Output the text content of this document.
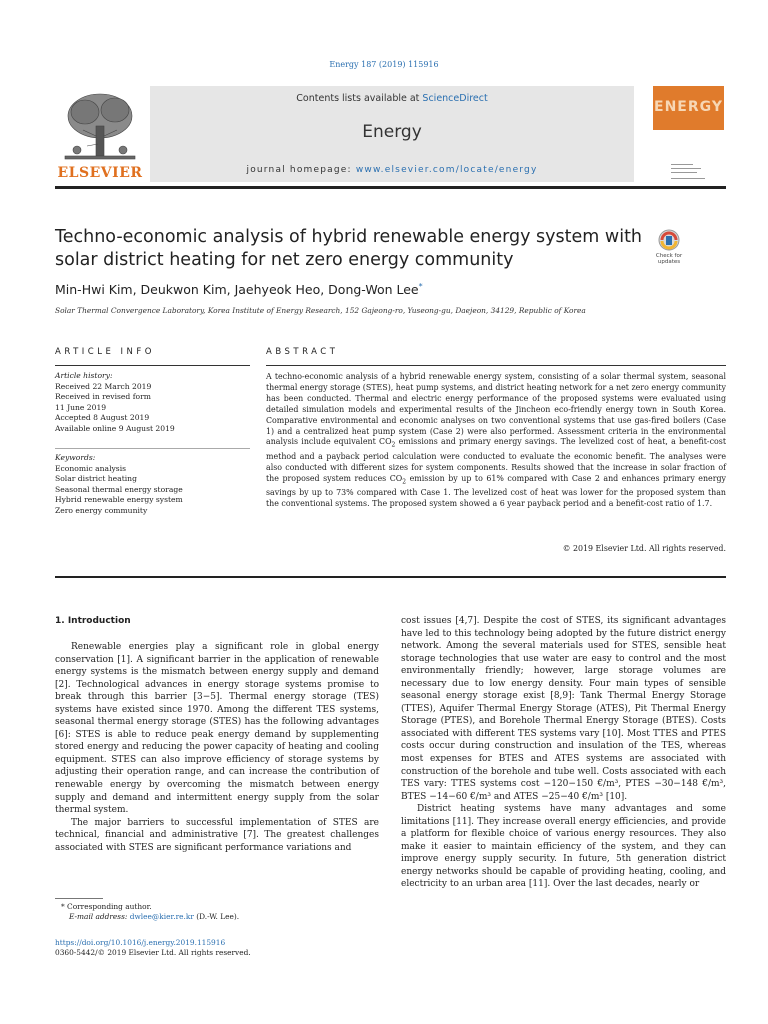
Energy 187 (2019) 115916
ELSEVIER
Contents lists available at ScienceDirect
Energy
journal homepage: www.elsevier.com/locate/energy
ENERGY
Techno-economic analysis of hybrid renewable energy system with solar district heating for net zero energy community	Check for updates
Min-Hwi Kim, Deukwon Kim, Jaehyeok Heo, Dong-Won Lee*
Solar Thermal Convergence Laboratory, Korea Institute of Energy Research, 152 Gajeong-ro, Yuseong-gu, Daejeon, 34129, Republic of Korea
ARTICLE INFO	ABSTRACT
Article history:
Received 22 March 2019
Received in revised form
11 June 2019
Accepted 8 August 2019
Available online 9 August 2019
Keywords:
Economic analysis
Solar district heating
Seasonal thermal energy storage
Hybrid renewable energy system
Zero energy community
A techno-economic analysis of a hybrid renewable energy system, consisting of a solar thermal system, seasonal thermal energy storage (STES), heat pump systems, and district heating network for a net zero energy community has been conducted. Thermal and electric energy performance of the proposed systems were evaluated using detailed simulation models and experimental results of the Jincheon eco-friendly energy town in South Korea. Comparative environmental and economic analyses on two conventional systems that use gas-fired boilers (Case 1) and a centralized heat pump system (Case 2) were also performed. Assessment criteria in the environmental analysis include equivalent $CO_2$ emissions and primary energy savings. The levelized cost of heat, a benefit-cost method and a payback period calculation were conducted to evaluate the economic benefit. The analyses were also conducted with different sizes for system components. Results showed that the increase in solar fraction of the proposed system reduces $CO_2$ emission by up to 61% compared with Case 2 and enhances primary energy savings by up to 73% compared with Case 1. The levelized cost of heat was lower for the proposed system than the conventional systems. The proposed system showed a 6 year payback period and a benefit-cost ratio of 1.7.
© 2019 Elsevier Ltd. All rights reserved.
1. Introduction

Renewable energies play a significant role in global energy conservation [1]. A significant barrier in the application of renewable energy systems is the mismatch between energy supply and demand [2]. Technological advances in energy storage systems promise to break through this barrier [3−5]. Thermal energy storage (TES) systems have existed since 1970. Among the different TES systems, seasonal thermal energy storage (STES) has the following advantages [6]: STES is able to reduce peak energy demand by supplementing stored energy and reducing the power capacity of heating and cooling equipment. STES can also improve efficiency of storage systems by adjusting their operation range, and can increase the contribution of renewable energy by overcoming the mismatch between energy supply and demand and intermittent energy supply from the solar thermal system.

The major barriers to successful implementation of STES are technical, financial and administrative [7]. The greatest challenges associated with STES are significant performance variations and

cost issues [4,7]. Despite the cost of STES, its significant advantages have led to this technology being adopted by the future district energy network. Among the several materials used for STES, sensible heat storage technologies that use water are easy to control and the most environmentally friendly; however, large storage volumes are necessary due to low energy density. Four main types of sensible seasonal energy storage exist [8,9]: Tank Thermal Energy Storage (TTES), Aquifer Thermal Energy Storage (ATES), Pit Thermal Energy Storage (PTES), and Borehole Thermal Energy Storage (BTES). Costs associated with different TES systems vary [10]. Most TTES and PTES costs occur during construction and insulation of the TES, whereas most expenses for BTES and ATES systems are associated with construction of the borehole and tube well. Costs associated with each TES vary: TTES systems cost −120−150 €/m³, PTES −30−148 €/m³, BTES −14−60 €/m³ and ATES −25−40 €/m³ [10].

District heating systems have many advantages and some limitations [11]. They increase overall energy efficiencies, and provide a platform for flexible choice of various energy resources. They also make it easier to maintain efficiency of the system, and they can improve energy supply security. In future, 5th generation district energy networks should be capable of providing heating, cooling, and electricity to an urban area [11]. Over the last decades, nearly or

* Corresponding author.
E-mail address: dwlee@kier.re.kr (D.-W. Lee).
https://doi.org/10.1016/j.energy.2019.115916
0360-5442/© 2019 Elsevier Ltd. All rights reserved.
